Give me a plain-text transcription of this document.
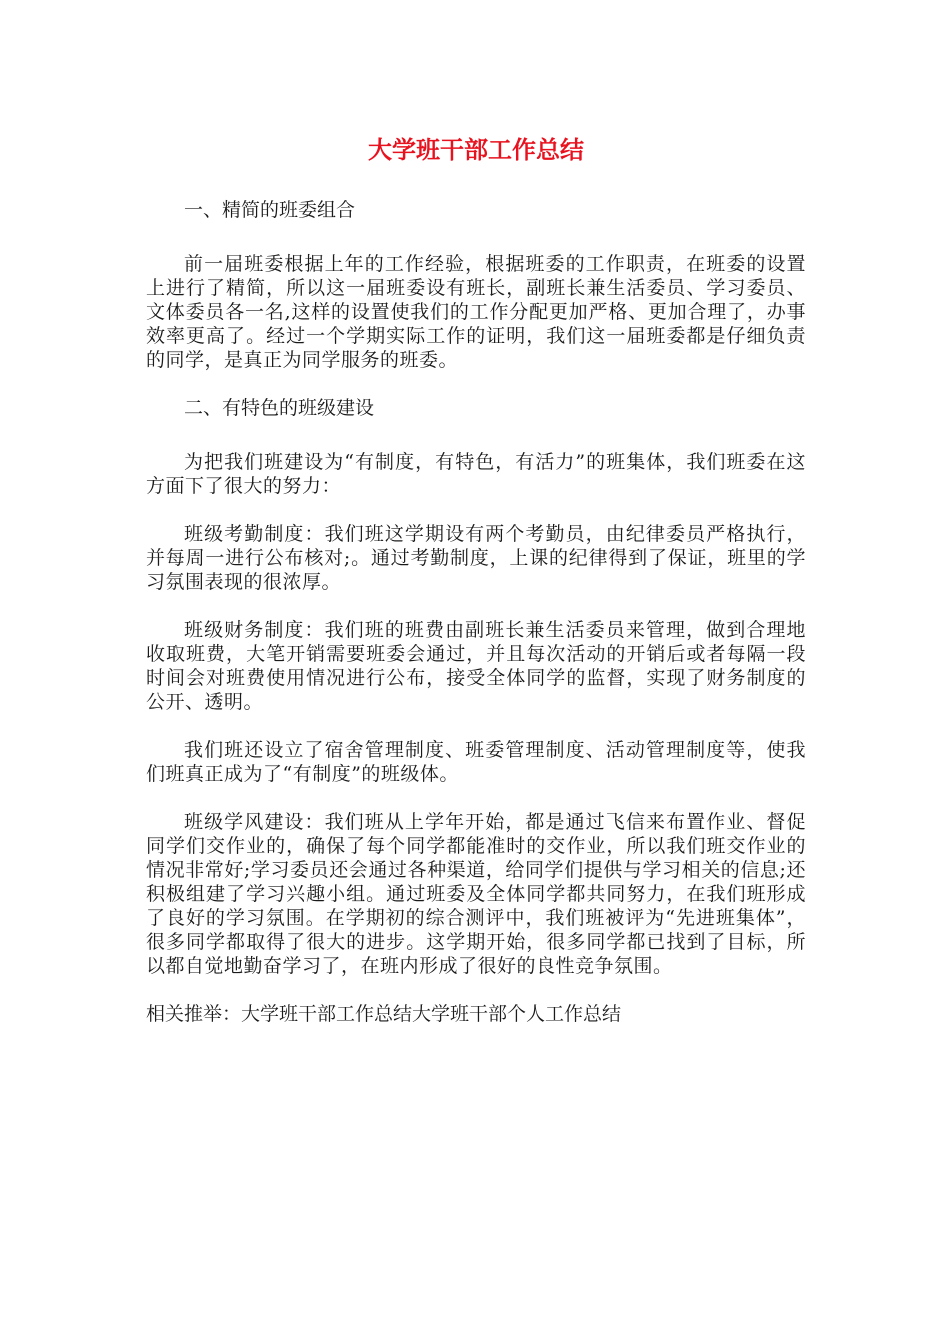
大学班干部工作总结

一、精简的班委组合

前一届班委根据上年的工作经验，根据班委的工作职责，在班委的设置上进行了精简，所以这一届班委设有班长，副班长兼生活委员、学习委员、文体委员各一名,这样的设置使我们的工作分配更加严格、更加合理了，办事效率更高了。经过一个学期实际工作的证明，我们这一届班委都是仔细负责的同学，是真正为同学服务的班委。

二、有特色的班级建设

为把我们班建设为“有制度，有特色，有活力”的班集体，我们班委在这方面下了很大的努力：

班级考勤制度：我们班这学期设有两个考勤员，由纪律委员严格执行，并每周一进行公布核对;。通过考勤制度，上课的纪律得到了保证，班里的学习氛围表现的很浓厚。

班级财务制度：我们班的班费由副班长兼生活委员来管理，做到合理地收取班费，大笔开销需要班委会通过，并且每次活动的开销后或者每隔一段时间会对班费使用情况进行公布，接受全体同学的监督，实现了财务制度的公开、透明。

我们班还设立了宿舍管理制度、班委管理制度、活动管理制度等，使我们班真正成为了“有制度”的班级体。

班级学风建设：我们班从上学年开始，都是通过飞信来布置作业、督促同学们交作业的，确保了每个同学都能准时的交作业，所以我们班交作业的情况非常好;学习委员还会通过各种渠道，给同学们提供与学习相关的信息;还积极组建了学习兴趣小组。通过班委及全体同学都共同努力，在我们班形成了良好的学习氛围。在学期初的综合测评中，我们班被评为“先进班集体”，很多同学都取得了很大的进步。这学期开始，很多同学都已找到了目标，所以都自觉地勤奋学习了，在班内形成了很好的良性竞争氛围。

相关推举：大学班干部工作总结大学班干部个人工作总结
